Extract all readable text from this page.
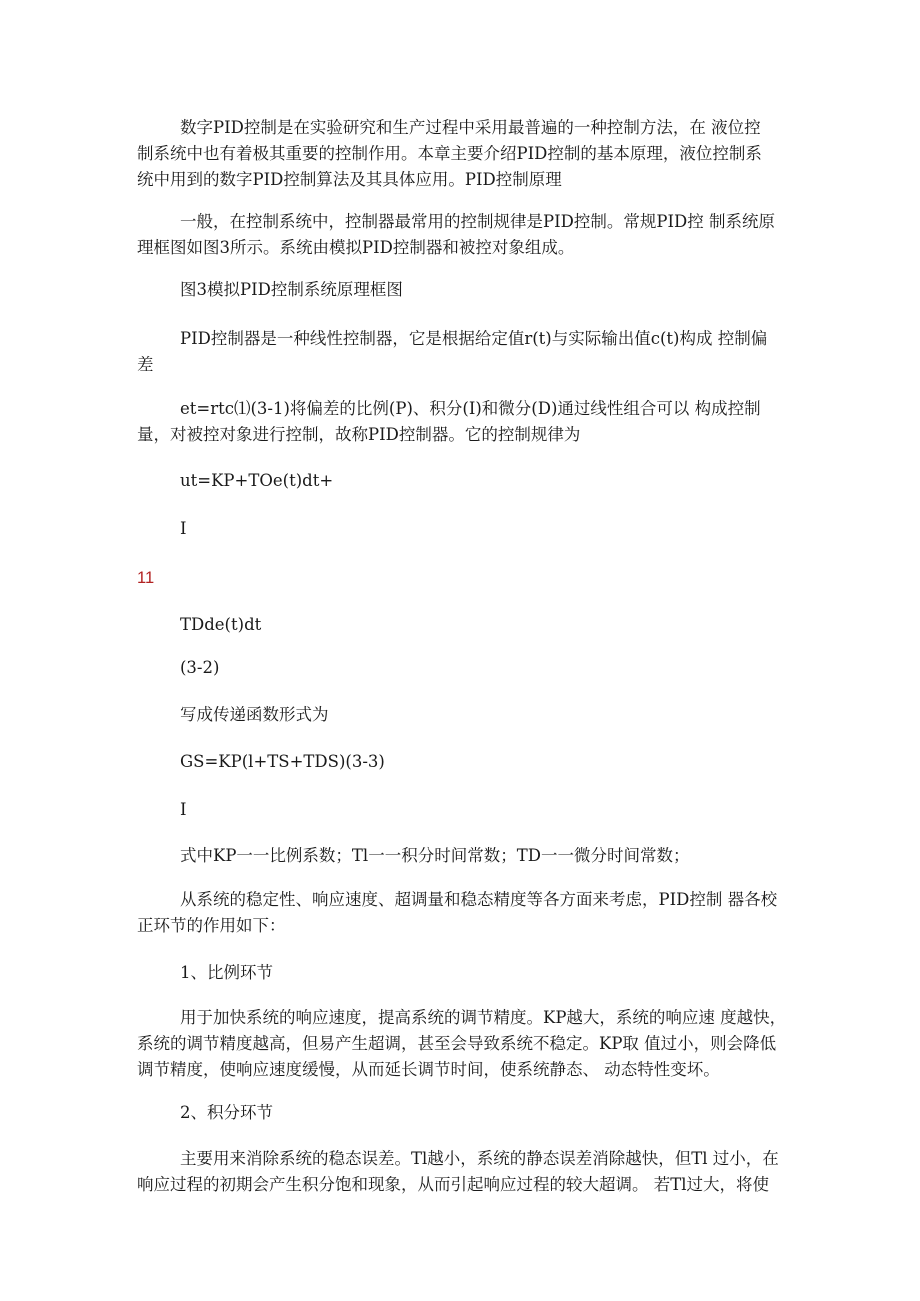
数字PID控制是在实验研究和生产过程中采用最普遍的一种控制方法，在 液位控
制系统中也有着极其重要的控制作用。本章主要介绍PID控制的基本原理，液位控制系
统中用到的数字PID控制算法及其具体应用。PID控制原理
一般，在控制系统中，控制器最常用的控制规律是PID控制。常规PID控 制系统原
理框图如图3所示。系统由模拟PID控制器和被控对象组成。
图3模拟PID控制系统原理框图
PID控制器是一种线性控制器，它是根据给定值r(t)与实际输出值c(t)构成 控制偏
差
et=rtc⑴(3-1)将偏差的比例(P)、积分(I)和微分(D)通过线性组合可以 构成控制
量，对被控对象进行控制，故称PID控制器。它的控制规律为
ut=KP+TOe(t)dt+
I
11
TDde(t)dt
(3-2)
写成传递函数形式为
GS=KP(l+TS+TDS)(3-3)
I
式中KP一一比例系数；Tl一一积分时间常数；TD一一微分时间常数；
从系统的稳定性、响应速度、超调量和稳态精度等各方面来考虑，PID控制 器各校
正环节的作用如下：
1、比例环节
用于加快系统的响应速度，提高系统的调节精度。KP越大，系统的响应速 度越快，
系统的调节精度越高，但易产生超调，甚至会导致系统不稳定。KP取 值过小，则会降低
调节精度，使响应速度缓慢，从而延长调节时间，使系统静态、 动态特性变坏。
2、积分环节
主要用来消除系统的稳态误差。Tl越小，系统的静态误差消除越快，但Tl 过小，在
响应过程的初期会产生积分饱和现象，从而引起响应过程的较大超调。 若Tl过大，将使
